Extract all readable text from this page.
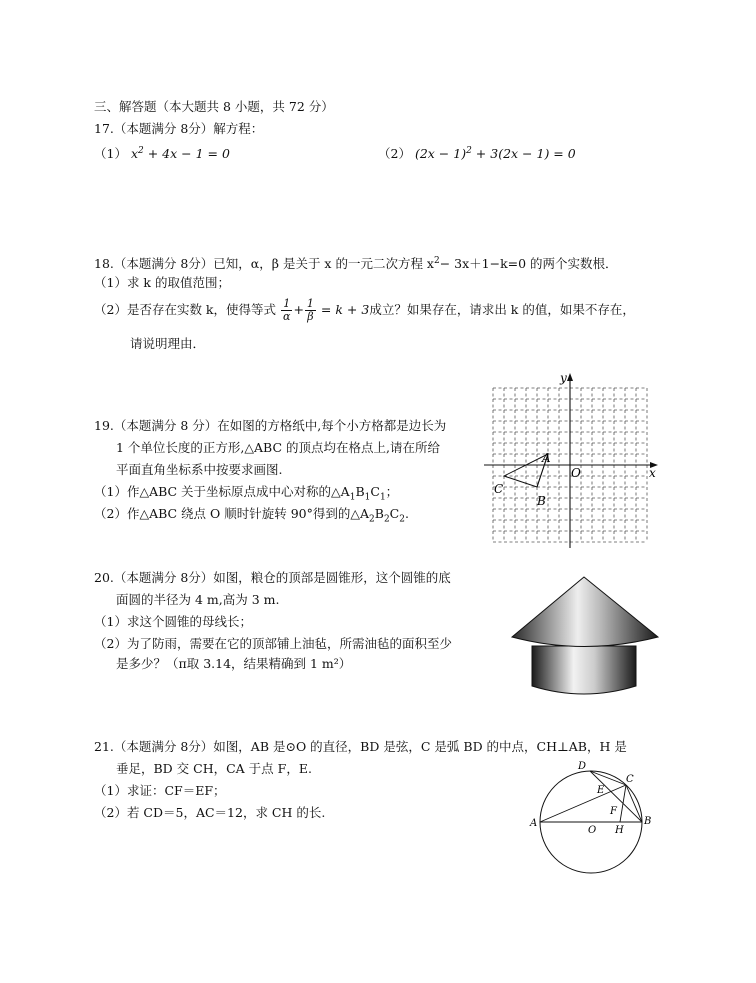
三、解答题（本大题共 8 小题，共 72 分）
17.（本题满分 8分）解方程：
（1） $x^2 + 4x - 1 = 0$	（2） $(2x - 1)^2 + 3(2x - 1) = 0$
18.（本题满分 8分）已知，α，β 是关于 x 的一元二次方程 $x^2- 3x+1-k=0$ 的两个实数根．
（1）求 k 的取值范围；
（2）是否存在实数 k，使得等式 $\frac{1}{\alpha} + \frac{1}{\beta} = k + 3$成立？如果存在，请求出 k 的值，如果不存在，
请说明理由．
19.（本题满分 8 分）在如图的方格纸中,每个小方格都是边长为
1 个单位长度的正方形,△ABC 的顶点均在格点上,请在所给
平面直角坐标系中按要求画图.
（1）作△ABC 关于坐标原点成中心对称的$\triangle A_1B_1C_1$；
（2）作△ABC 绕点 O 顺时针旋转 90°得到的$\triangle A_2B_2C_2$.
x
y
O
A
B
C
20.（本题满分 8分）如图，粮仓的顶部是圆锥形，这个圆锥的底
面圆的半径为 4 m,高为 3 m.
（1）求这个圆锥的母线长；
（2）为了防雨，需要在它的顶部铺上油毡，所需油毡的面积至少
是多少？（π取 3.14，结果精确到 1 m²）
21.（本题满分 8分）如图，AB 是⊙O 的直径，BD 是弦，C 是弧 BD 的中点，CH⊥AB，H 是
垂足，BD 交 CH，CA 于点 F，E.
（1）求证：CF＝EF；
（2）若 CD＝5，AC＝12，求 CH 的长.
A	B
C
D
E
F
H
O
